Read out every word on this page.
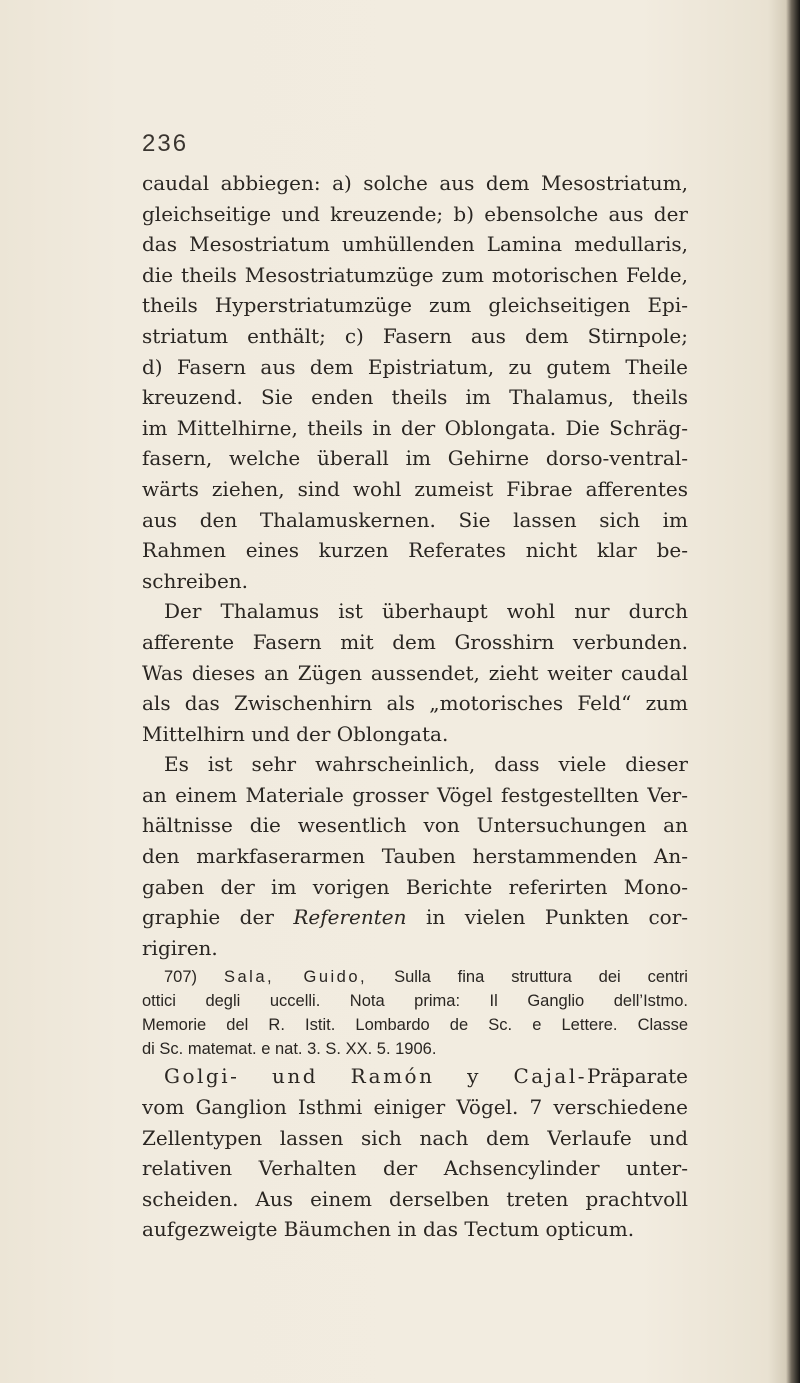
236
caudal abbiegen: a) solche aus dem Mesostriatum,
gleichseitige und kreuzende; b) ebensolche aus der
das Mesostriatum umhüllenden Lamina medullaris,
die theils Mesostriatumzüge zum motorischen Felde,
theils Hyperstriatumzüge zum gleichseitigen Epi-
striatum enthält; c) Fasern aus dem Stirnpole;
d) Fasern aus dem Epistriatum, zu gutem Theile
kreuzend. Sie enden theils im Thalamus, theils
im Mittelhirne, theils in der Oblongata. Die Schräg-
fasern, welche überall im Gehirne dorso-ventral-
wärts ziehen, sind wohl zumeist Fibrae afferentes
aus den Thalamuskernen. Sie lassen sich im
Rahmen eines kurzen Referates nicht klar be-
schreiben.
Der Thalamus ist überhaupt wohl nur durch
afferente Fasern mit dem Grosshirn verbunden.
Was dieses an Zügen aussendet, zieht weiter caudal
als das Zwischenhirn als „motorisches Feld“ zum
Mittelhirn und der Oblongata.
Es ist sehr wahrscheinlich, dass viele dieser
an einem Materiale grosser Vögel festgestellten Ver-
hältnisse die wesentlich von Untersuchungen an
den markfaserarmen Tauben herstammenden An-
gaben der im vorigen Berichte referirten Mono-
graphie der Referenten in vielen Punkten cor-
rigiren.
707) Sala, Guido, Sulla fina struttura dei centri
ottici degli uccelli. Nota prima: Il Ganglio dell’Istmo.
Memorie del R. Istit. Lombardo de Sc. e Lettere. Classe
di Sc. matemat. e nat. 3. S. XX. 5. 1906.
Golgi- und Ramón y Cajal-Präparate
vom Ganglion Isthmi einiger Vögel. 7 verschiedene
Zellentypen lassen sich nach dem Verlaufe und
relativen Verhalten der Achsencylinder unter-
scheiden. Aus einem derselben treten prachtvoll
aufgezweigte Bäumchen in das Tectum opticum.
